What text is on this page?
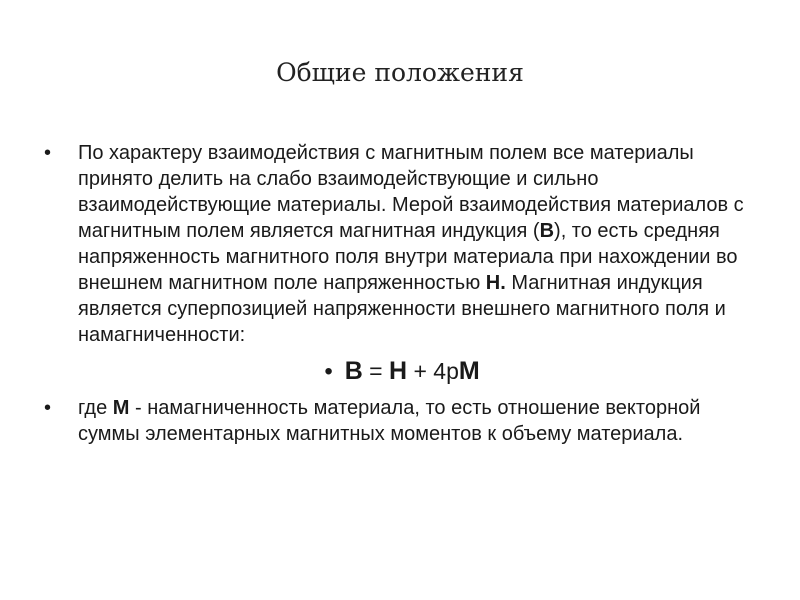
Общие положения
• По характеру взаимодействия с магнитным полем все материалы принято делить на слабо взаимодействующие и сильно взаимодействующие материалы. Мерой взаимодействия материалов с магнитным полем является магнитная индукция (B), то есть средняя напряженность магнитного поля внутри материала при нахождении во внешнем магнитном поле напряженностью H. Магнитная индукция является суперпозицией напряженности внешнего магнитного поля и намагниченности:
• B = H + 4pM
• где M - намагниченность материала, то есть отношение векторной суммы элементарных магнитных моментов к объему материала.
